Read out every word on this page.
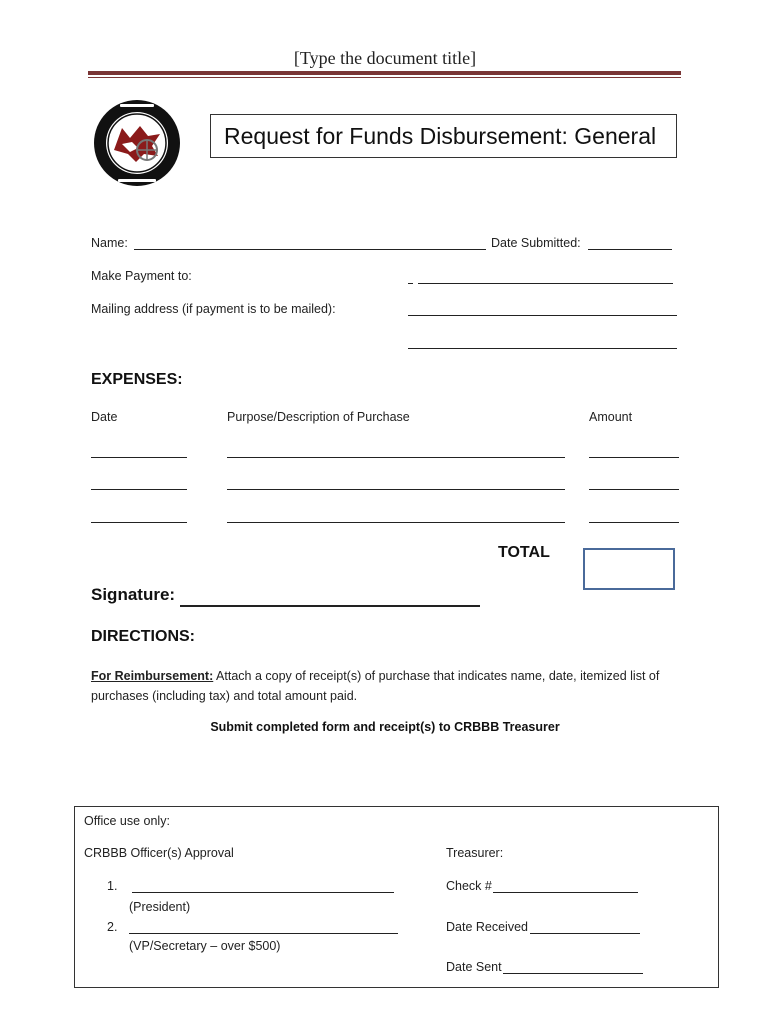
[Type the document title]
Request for Funds Disbursement: General
Name:	Date Submitted:
Make Payment to:
Mailing address (if payment is to be mailed):
EXPENSES:
Date	Purpose/Description of Purchase	Amount
TOTAL
Signature:
DIRECTIONS:
For Reimbursement: Attach a copy of receipt(s) of purchase that indicates name, date, itemized list of purchases (including tax) and total amount paid.
Submit completed form and receipt(s) to CRBBB Treasurer
Office use only:
CRBBB Officer(s) Approval
1.
(President)
2.
(VP/Secretary – over $500)
Treasurer:
Check #
Date Received
Date Sent
